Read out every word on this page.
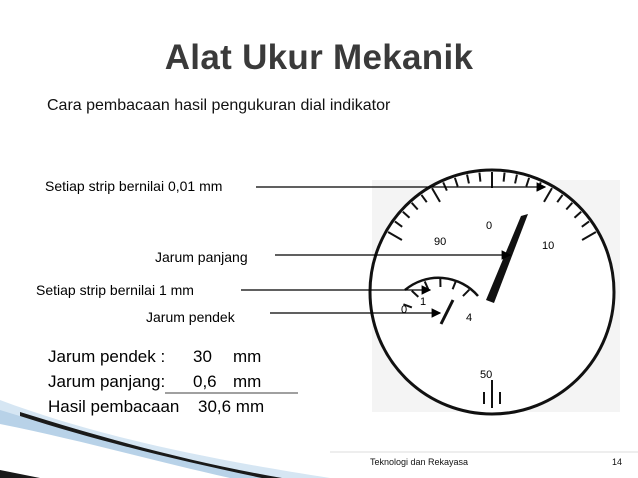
Alat Ukur Mekanik
Cara pembacaan hasil pengukuran dial indikator
0
10
90
50
0
1
4
Setiap strip bernilai 0,01 mm
Jarum panjang
Setiap strip bernilai 1 mm
Jarum pendek
Jarum pendek : 30 mm
Jarum panjang: 0,6 mm
Hasil pembacaan 30,6 mm
Teknologi dan Rekayasa	14
